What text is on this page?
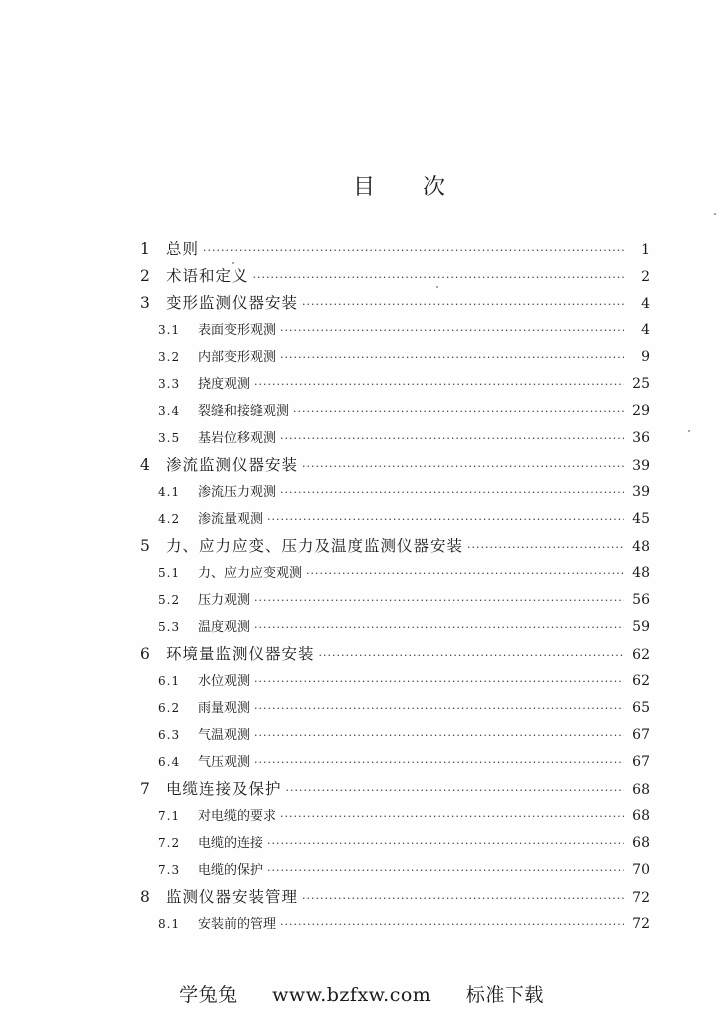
目 次
1	总则 ·····	1
2	术语和定义 ·····	2
3	变形监测仪器安装 ·····	4
3.1	表面变形观测 ·····	4
3.2	内部变形观测 ·····	9
3.3	挠度观测 ·····	25
3.4	裂缝和接缝观测 ·····	29
3.5	基岩位移观测 ·····	36
4	渗流监测仪器安装 ·····	39
4.1	渗流压力观测 ·····	39
4.2	渗流量观测 ·····	45
5	力、应力应变、压力及温度监测仪器安装 ·····	48
5.1	力、应力应变观测 ·····	48
5.2	压力观测 ·····	56
5.3	温度观测 ·····	59
6	环境量监测仪器安装 ·····	62
6.1	水位观测 ·····	62
6.2	雨量观测 ·····	65
6.3	气温观测 ·····	67
6.4	气压观测 ·····	67
7	电缆连接及保护 ·····	68
7.1	对电缆的要求 ·····	68
7.2	电缆的连接 ·····	68
7.3	电缆的保护 ·····	70
8	监测仪器安装管理 ·····	72
8.1	安装前的管理 ·····	72
学兔兔 www.bzfxw.com 标准下载
